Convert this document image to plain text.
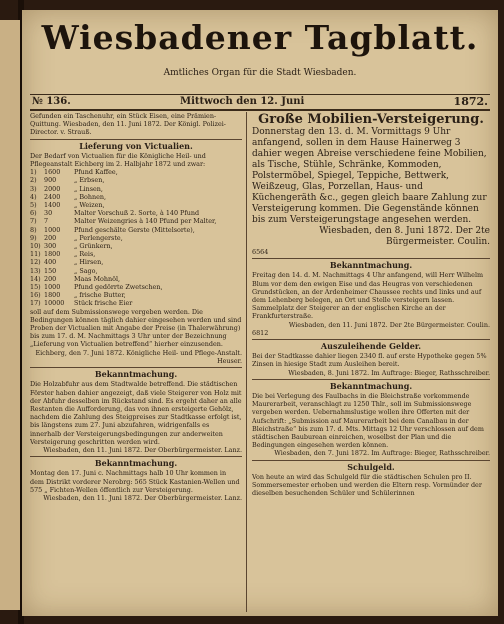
Wiesbadener Tagblatt.
Amtliches Organ für die Stadt Wiesbaden.
№ 136.	Mittwoch den 12. Juni	1872.

Gefunden ein Taschenuhr, ein Stück Eisen, eine Prämien-Quittung. Wiesbaden, den 11. Juni 1872. Der Königl. Polizei-Director. v. Strauß.

Lieferung von Victualien.

Der Bedarf von Victualien für die Königliche Heil- und Pflegeanstalt Eichberg im 2. Halbjahr 1872 und zwar:

1)	1600	Pfund Kaffee,
2)	900	„ Erbsen,
3)	2000	„ Linsen,
4)	2400	„ Bohnen,
5)	1400	„ Weizen,
6)	30	Malter Vorschuß 2. Sorte, à 140 Pfund
7)	7	Malter Weizengries à 140 Pfund per Malter,
8)	1000	Pfund geschälte Gerste (Mittelsorte),
9)	200	„ Perlengerste,
10) 300	„ Grünkern,
11) 1800	„ Reis,
12) 400	„ Hirsen,
13) 150	„ Sago,
14) 200	Maas Mohnöl,
15) 1000	Pfund gedörrte Zwetschen,
16) 1800	„ frische Butter,
17) 10000	Stück frische Eier

soll auf dem Submissionswege vergeben werden. Die Bedingungen können täglich dahier eingesehen werden und sind Proben der Victualien mit Angabe der Preise (in Thalerwährung) bis zum 17. d. M. Nachmittags 3 Uhr unter der Bezeichnung „Lieferung von Victualien betreffend“ hierher einzusenden.

Eichberg, den 7. Juni 1872. Königliche Heil- und Pflege-Anstalt. Heuser.

Bekanntmachung.

Die Holzabfuhr aus dem Stadtwalde betreffend. Die städtischen Förster haben dahier angezeigt, daß viele Steigerer von Holz mit der Abfuhr desselben im Rückstand sind. Es ergeht daher an alle Restanten die Aufforderung, das von ihnen ersteigerte Gehölz, nachdem die Zahlung des Steigpreises zur Stadtkasse erfolgt ist, bis längstens zum 27. Juni abzufahren, widrigenfalls es innerhalb der Versteigerungsbedingungen zur anderweiten Versteigerung geschritten werden wird.

Wiesbaden, den 11. Juni 1872. Der Oberbürgermeister. Lanz.

Bekanntmachung.

Montag den 17. Juni c. Nachmittags halb 10 Uhr kommen in dem Distrikt vorderer Nerobrg: 565 Stück Kastanien-Wellen und 575 „ Fichten-Wellen öffentlich zur Versteigerung.

Wiesbaden, den 11. Juni 1872. Der Oberbürgermeister. Lanz.

Große Mobilien-Versteigerung.

Donnerstag den 13. d. M. Vormittags 9 Uhr anfangend, sollen in dem Hause Hainerweg 3 dahier wegen Abreise verschiedene feine Mobilien, als Tische, Stühle, Schränke, Kommoden, Polstermöbel, Spiegel, Teppiche, Bettwerk, Weißzeug, Glas, Porzellan, Haus- und Küchengeräth &c., gegen gleich baare Zahlung zur Versteigerung kommen. Die Gegenstände können bis zum Versteigerungstage angesehen werden.

Wiesbaden, den 8. Juni 1872. Der 2te Bürgermeister. Coulin.

6564

Bekanntmachung.

Freitag den 14. d. M. Nachmittags 4 Uhr anfangend, will Herr Wilhelm Blum vor dem den ewigen Eise und das Heugras von verschiedenen Grundstücken, an der Ardenheimer Chaussee rechts und links und auf dem Lehenberg belegen, an Ort und Stelle versteigern lassen. Sammelplatz der Steigerer an der englischen Kirche an der Frankfurterstraße.

Wiesbaden, den 11. Juni 1872. Der 2te Bürgermeister. Coulin.

6812

Auszuleihende Gelder.

Bei der Stadtkasse dahier liegen 2340 fl. auf erste Hypotheke gegen 5% Zinsen in hiesige Stadt zum Ausleihen bereit.

Wiesbaden, 8. Juni 1872. Im Auftrage: Bieger, Rathsschreiber.

Bekanntmachung.

Die bei Verlegung des Faulbachs in die Bleichstraße vorkommende Maurerarbeit, veranschlagt zu 1250 Thlr., soll im Submissionswege vergeben werden. Uebernahmslustige wollen ihre Offerten mit der Aufschrift: „Submission auf Maurerarbeit bei dem Canalbau in der Bleichstraße“ bis zum 17. d. Mts. Mittags 12 Uhr verschlossen auf dem städtischen Bauburean einreichen, woselbst der Plan und die Bedingungen eingesehen werden können.

Wiesbaden, den 7. Juni 1872. Im Auftrage: Bieger, Rathsschreiber.

Schulgeld.

Von heute an wird das Schulgeld für die städtischen Schulen pro II. Sommersemester erhoben und werden die Eltern resp. Vormünder der dieselben besuchenden Schüler und Schülerinnen
